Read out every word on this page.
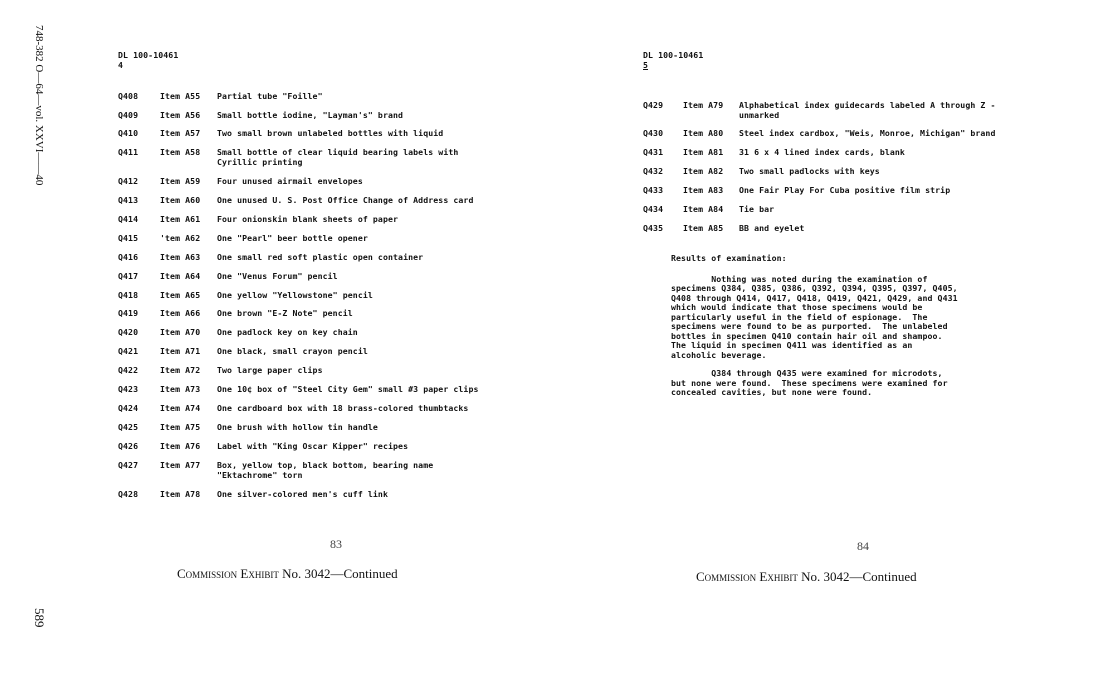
748-382 O—64—vol. XXVI——40	DL 100-10461
4
Q408	Item A55	Partial tube "Foille"
Q409	Item A56	Small bottle iodine, "Layman's" brand
Q410	Item A57	Two small brown unlabeled bottles with liquid
Q411	Item A58	Small bottle of clear liquid bearing labels with
Cyrillic printing
Q412	Item A59	Four unused airmail envelopes
Q413	Item A60	One unused U. S. Post Office Change of Address card
Q414	Item A61	Four onionskin blank sheets of paper
Q415	'tem A62	One "Pearl" beer bottle opener
Q416	Item A63	One small red soft plastic open container
Q417	Item A64	One "Venus Forum" pencil
Q418	Item A65	One yellow "Yellowstone" pencil
Q419	Item A66	One brown "E-Z Note" pencil
Q420	Item A70	One padlock key on key chain
Q421	Item A71	One black, small crayon pencil
Q422	Item A72	Two large paper clips
Q423	Item A73	One 10¢ box of "Steel City Gem" small #3 paper clips
Q424	Item A74	One cardboard box with 18 brass-colored thumbtacks
Q425	Item A75	One brush with hollow tin handle
Q426	Item A76	Label with "King Oscar Kipper" recipes
Q427	Item A77	Box, yellow top, black bottom, bearing name
"Ektachrome" torn
Q428	Item A78	One silver-colored men's cuff link
DL 100-10461
5
Q429	Item A79	Alphabetical index guidecards labeled A through Z -
unmarked
Q430	Item A80	Steel index cardbox, "Weis, Monroe, Michigan" brand
Q431	Item A81	31 6 x 4 lined index cards, blank
Q432	Item A82	Two small padlocks with keys
Q433	Item A83	One Fair Play For Cuba positive film strip
Q434	Item A84	Tie bar
Q435	Item A85	BB and eyelet

Results of examination:

Nothing was noted during the examination of
specimens Q384, Q385, Q386, Q392, Q394, Q395, Q397, Q405,
Q408 through Q414, Q417, Q418, Q419, Q421, Q429, and Q431
which would indicate that those specimens would be
particularly useful in the field of espionage.  The
specimens were found to be as purported.  The unlabeled
bottles in specimen Q410 contain hair oil and shampoo.
The liquid in specimen Q411 was identified as an
alcoholic beverage.

Q384 through Q435 were examined for microdots,
but none were found.  These specimens were examined for
concealed cavities, but none were found.

83
Commission Exhibit No. 3042—Continued
84
Commission Exhibit No. 3042—Continued
589
